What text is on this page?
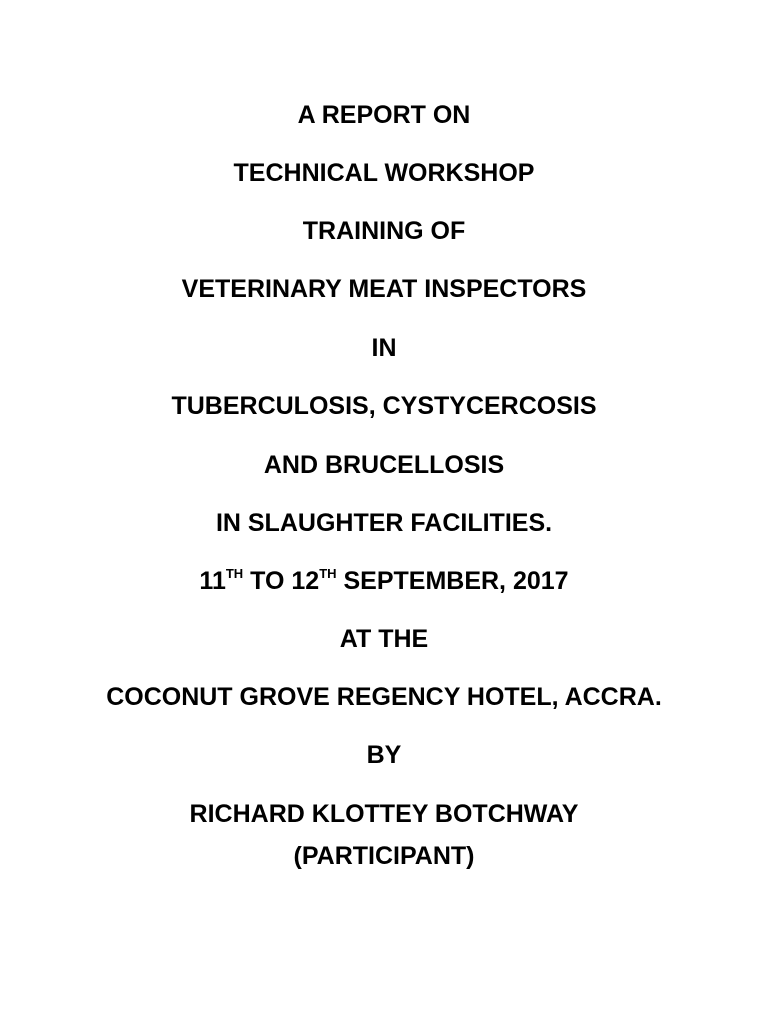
A REPORT ON
TECHNICAL WORKSHOP
TRAINING OF
VETERINARY MEAT INSPECTORS
IN
TUBERCULOSIS, CYSTYCERCOSIS
AND BRUCELLOSIS
IN SLAUGHTER FACILITIES.
11TH TO 12TH SEPTEMBER, 2017
AT THE
COCONUT GROVE REGENCY HOTEL, ACCRA.
BY
RICHARD KLOTTEY BOTCHWAY
(PARTICIPANT)
